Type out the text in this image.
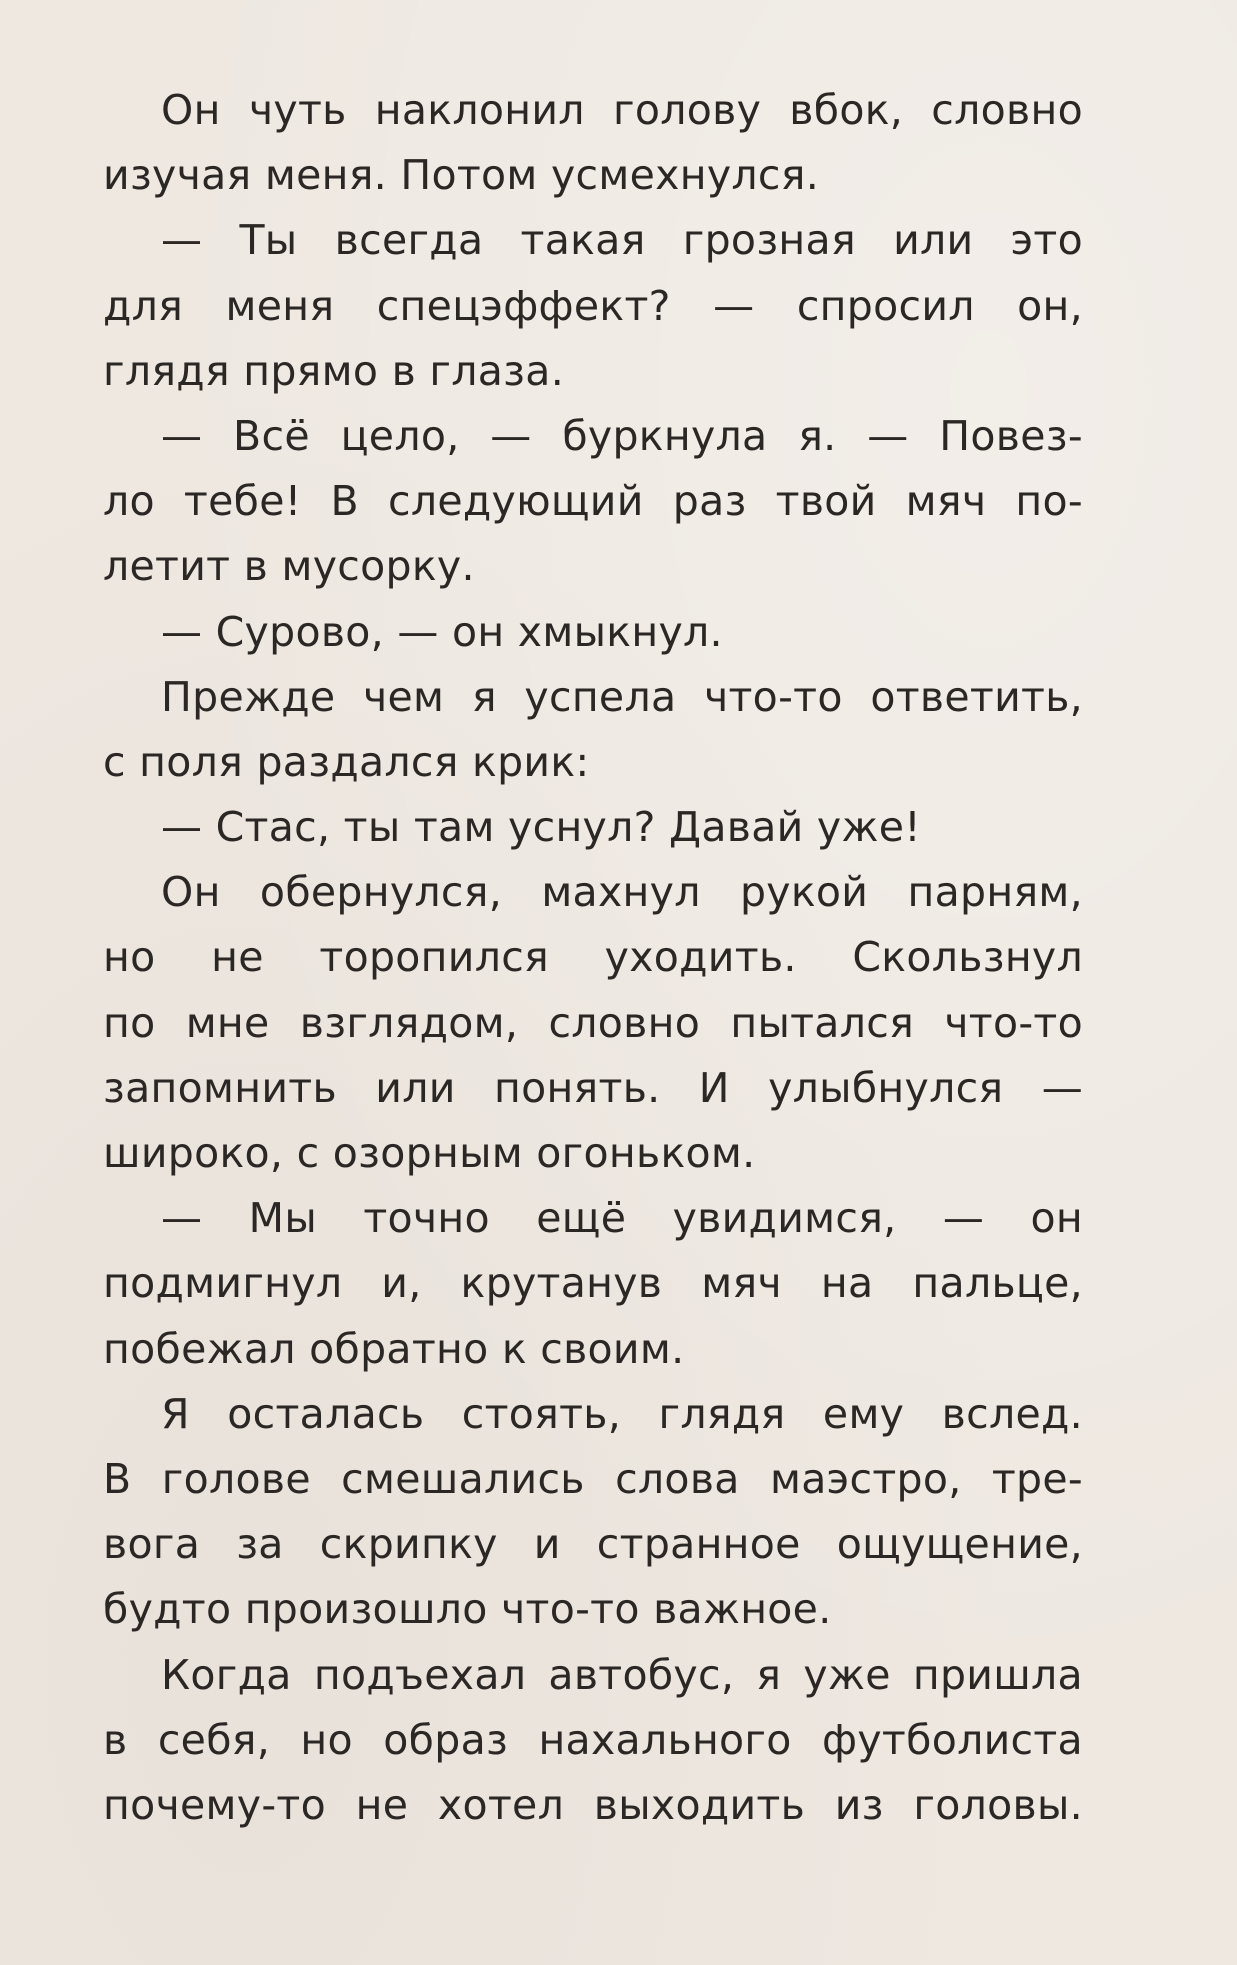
Он чуть наклонил голову вбок, словно
изучая меня. Потом усмехнулся.
— Ты всегда такая грозная или это
для меня спецэффект? — спросил он,
глядя прямо в глаза.
— Всё цело, — буркнула я. — Повез-
ло тебе! В следующий раз твой мяч по-
летит в мусорку.
— Сурово, — он хмыкнул.
Прежде чем я успела что-то ответить,
с поля раздался крик:
— Стас, ты там уснул? Давай уже!
Он обернулся, махнул рукой парням,
но не торопился уходить. Скользнул
по мне взглядом, словно пытался что-то
запомнить или понять. И улыбнулся —
широко, с озорным огоньком.
— Мы точно ещё увидимся, — он
подмигнул и, крутанув мяч на пальце,
побежал обратно к своим.
Я осталась стоять, глядя ему вслед.
В голове смешались слова маэстро, тре-
вога за скрипку и странное ощущение,
будто произошло что-то важное.
Когда подъехал автобус, я уже пришла
в себя, но образ нахального футболиста
почему-то не хотел выходить из головы.
